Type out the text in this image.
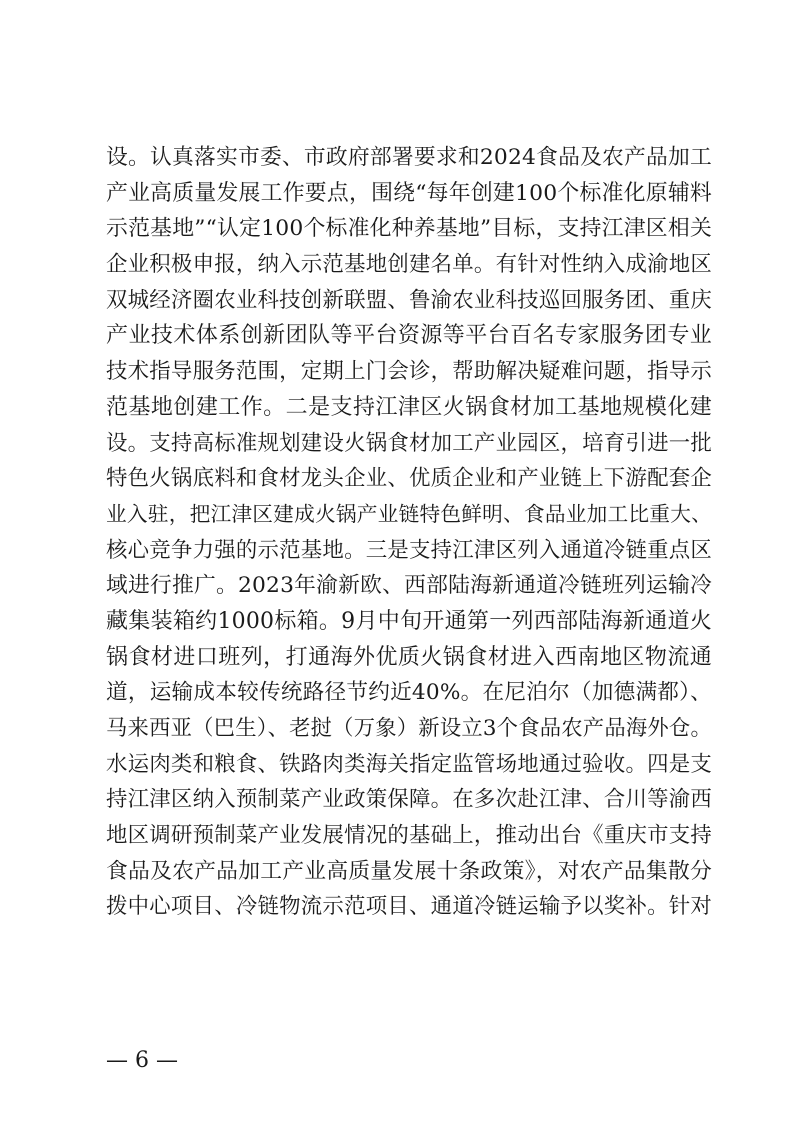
设。认真落实市委、市政府部署要求和2024食品及农产品加工
产业高质量发展工作要点，围绕“每年创建100个标准化原辅料
示范基地”“认定100个标准化种养基地”目标，支持江津区相关
企业积极申报，纳入示范基地创建名单。有针对性纳入成渝地区
双城经济圈农业科技创新联盟、鲁渝农业科技巡回服务团、重庆
产业技术体系创新团队等平台资源等平台百名专家服务团专业
技术指导服务范围，定期上门会诊，帮助解决疑难问题，指导示
范基地创建工作。二是支持江津区火锅食材加工基地规模化建
设。支持高标准规划建设火锅食材加工产业园区，培育引进一批
特色火锅底料和食材龙头企业、优质企业和产业链上下游配套企
业入驻，把江津区建成火锅产业链特色鲜明、食品业加工比重大、
核心竞争力强的示范基地。三是支持江津区列入通道冷链重点区
域进行推广。2023年渝新欧、西部陆海新通道冷链班列运输冷
藏集装箱约1000标箱。9月中旬开通第一列西部陆海新通道火
锅食材进口班列，打通海外优质火锅食材进入西南地区物流通
道，运输成本较传统路径节约近40%。在尼泊尔（加德满都）、
马来西亚（巴生）、老挝（万象）新设立3个食品农产品海外仓。
水运肉类和粮食、铁路肉类海关指定监管场地通过验收。四是支
持江津区纳入预制菜产业政策保障。在多次赴江津、合川等渝西
地区调研预制菜产业发展情况的基础上，推动出台《重庆市支持
食品及农产品加工产业高质量发展十条政策》，对农产品集散分
拨中心项目、冷链物流示范项目、通道冷链运输予以奖补。针对
— 6 —
